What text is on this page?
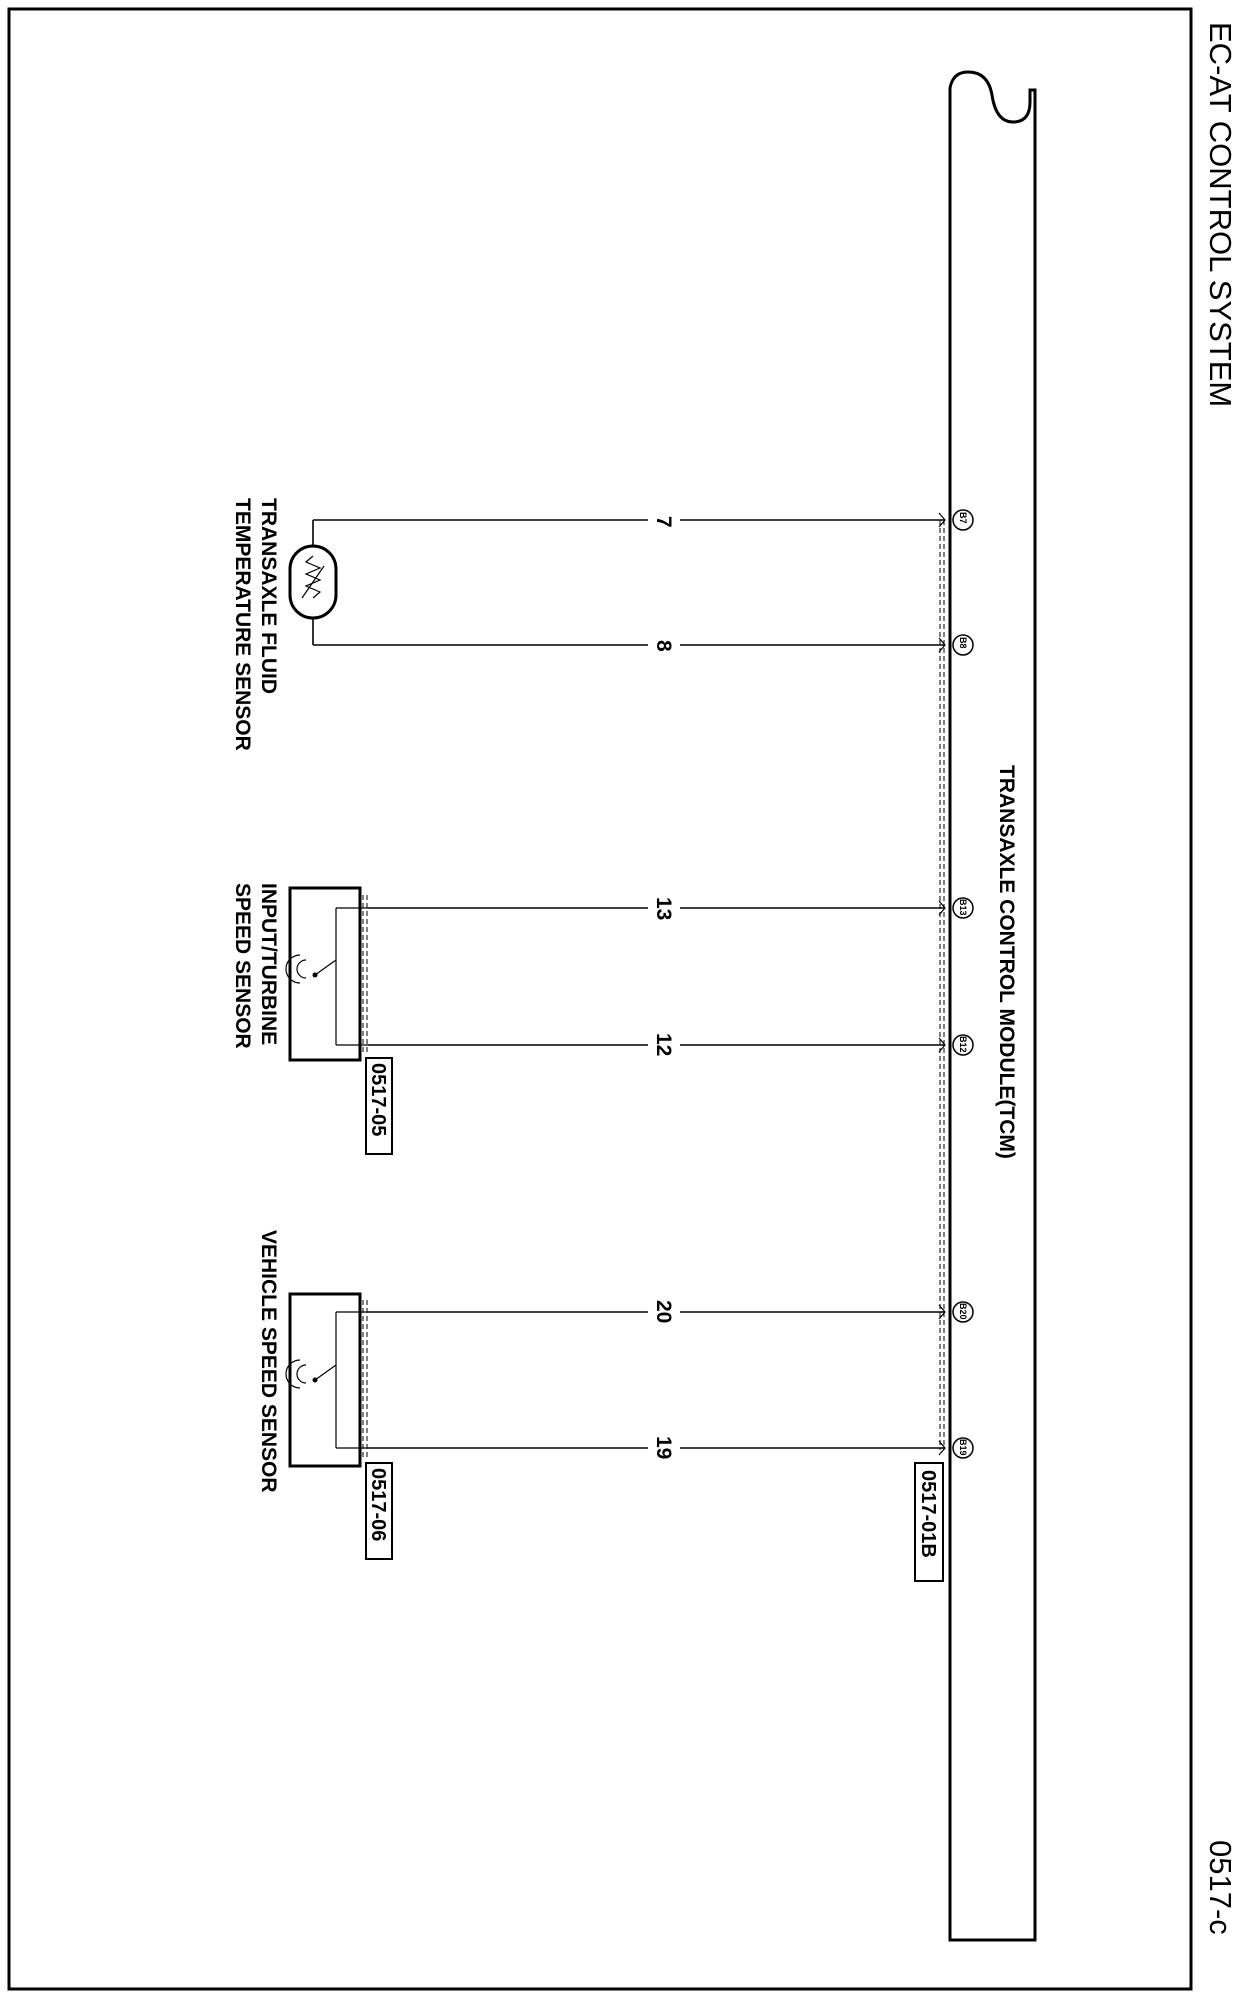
EC-AT CONTROL SYSTEM
0517-c
TRANSAXLE CONTROL MODULE(TCM)
0517-01B
7	B7
8	B8
TRANSAXLE FLUID
TEMPERATURE SENSOR
13	B13
12	B12
INPUT/TURBINE
SPEED SENSOR
0517-05
20	B20
19	B19
VEHICLE SPEED SENSOR
0517-06
